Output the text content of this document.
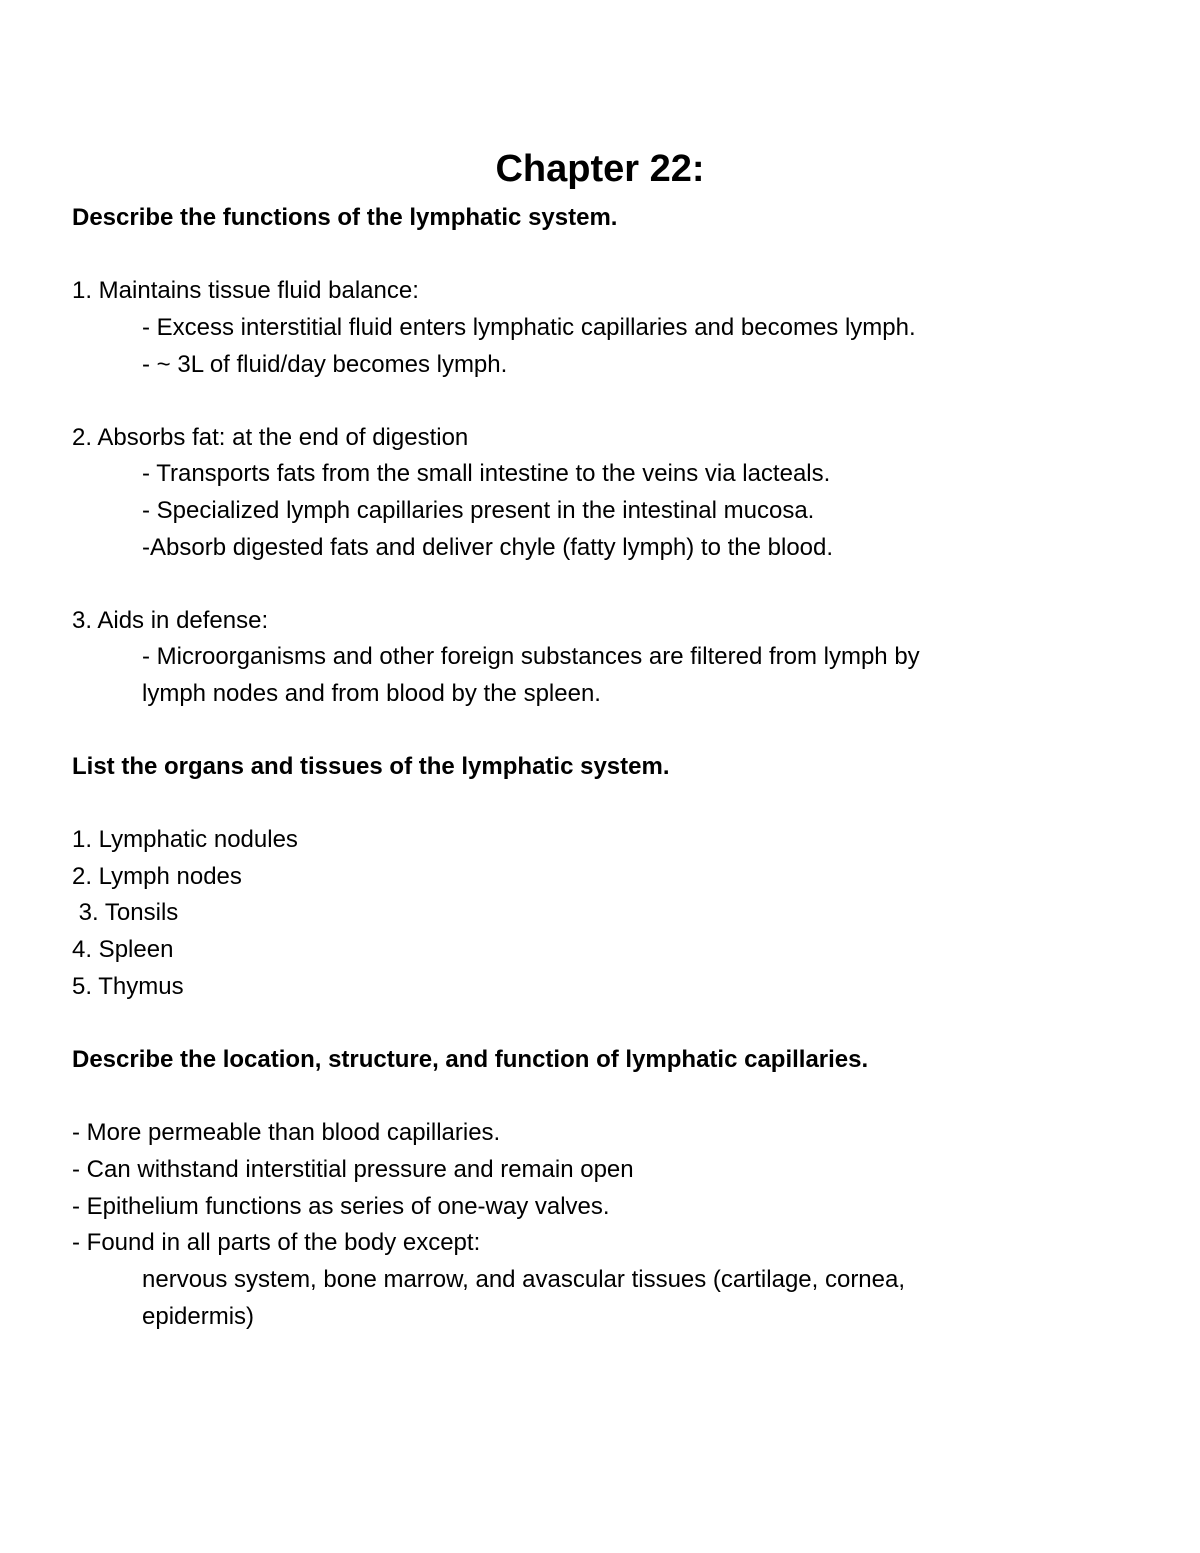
Chapter 22:
Describe the functions of the lymphatic system.
1. Maintains tissue fluid balance:
- Excess interstitial fluid enters lymphatic capillaries and becomes lymph.
- ~ 3L of fluid/day becomes lymph.
2. Absorbs fat: at the end of digestion
- Transports fats from the small intestine to the veins via lacteals.
- Specialized lymph capillaries present in the intestinal mucosa.
-Absorb digested fats and deliver chyle (fatty lymph) to the blood.
3. Aids in defense:
- Microorganisms and other foreign substances are filtered from lymph by
lymph nodes and from blood by the spleen.
List the organs and tissues of the lymphatic system.
1. Lymphatic nodules
2. Lymph nodes
3. Tonsils
4. Spleen
5. Thymus
Describe the location, structure, and function of lymphatic capillaries.
- More permeable than blood capillaries.
- Can withstand interstitial pressure and remain open
- Epithelium functions as series of one-way valves.
- Found in all parts of the body except:
nervous system, bone marrow, and avascular tissues (cartilage, cornea,
epidermis)
